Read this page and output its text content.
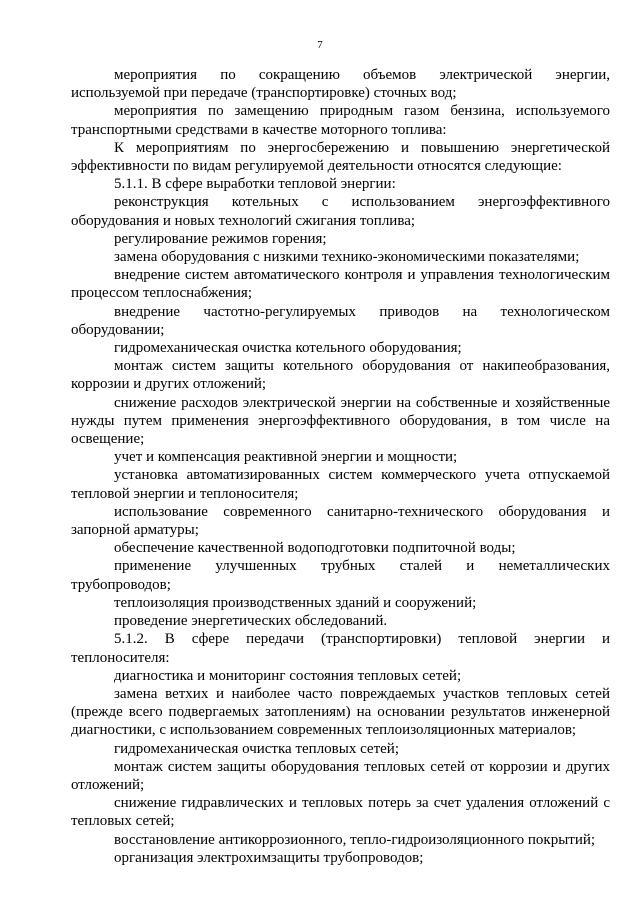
7
мероприятия по сокращению объемов электрической энергии,
используемой при передаче (транспортировке) сточных вод;
мероприятия по замещению природным газом бензина, используемого
транспортными средствами в качестве моторного топлива:
К мероприятиям по энергосбережению и повышению энергетической
эффективности по видам регулируемой деятельности относятся следующие:
5.1.1. В сфере выработки тепловой энергии:
реконструкция котельных с использованием энергоэффективного
оборудования и новых технологий сжигания топлива;
регулирование режимов горения;
замена оборудования с низкими технико-экономическими показателями;
внедрение систем автоматического контроля и управления технологическим
процессом теплоснабжения;
внедрение частотно-регулируемых приводов на технологическом
оборудовании;
гидромеханическая очистка котельного оборудования;
монтаж систем защиты котельного оборудования от накипеобразования,
коррозии и других отложений;
снижение расходов электрической энергии на собственные и хозяйственные
нужды путем применения энергоэффективного оборудования, в том числе на
освещение;
учет и компенсация реактивной энергии и мощности;
установка автоматизированных систем коммерческого учета отпускаемой
тепловой энергии и теплоносителя;
использование современного санитарно-технического оборудования и
запорной арматуры;
обеспечение качественной водоподготовки подпиточной воды;
применение улучшенных трубных сталей и неметаллических
трубопроводов;
теплоизоляция производственных зданий и сооружений;
проведение энергетических обследований.
5.1.2. В сфере передачи (транспортировки) тепловой энергии и
теплоносителя:
диагностика и мониторинг состояния тепловых сетей;
замена ветхих и наиболее часто повреждаемых участков тепловых сетей
(прежде всего подвергаемых затоплениям) на основании результатов инженерной
диагностики, с использованием современных теплоизоляционных материалов;
гидромеханическая очистка тепловых сетей;
монтаж систем защиты оборудования тепловых сетей от коррозии и других
отложений;
снижение гидравлических и тепловых потерь за счет удаления отложений с
тепловых сетей;
восстановление антикоррозионного, тепло-гидроизоляционного покрытий;
организация электрохимзащиты трубопроводов;
